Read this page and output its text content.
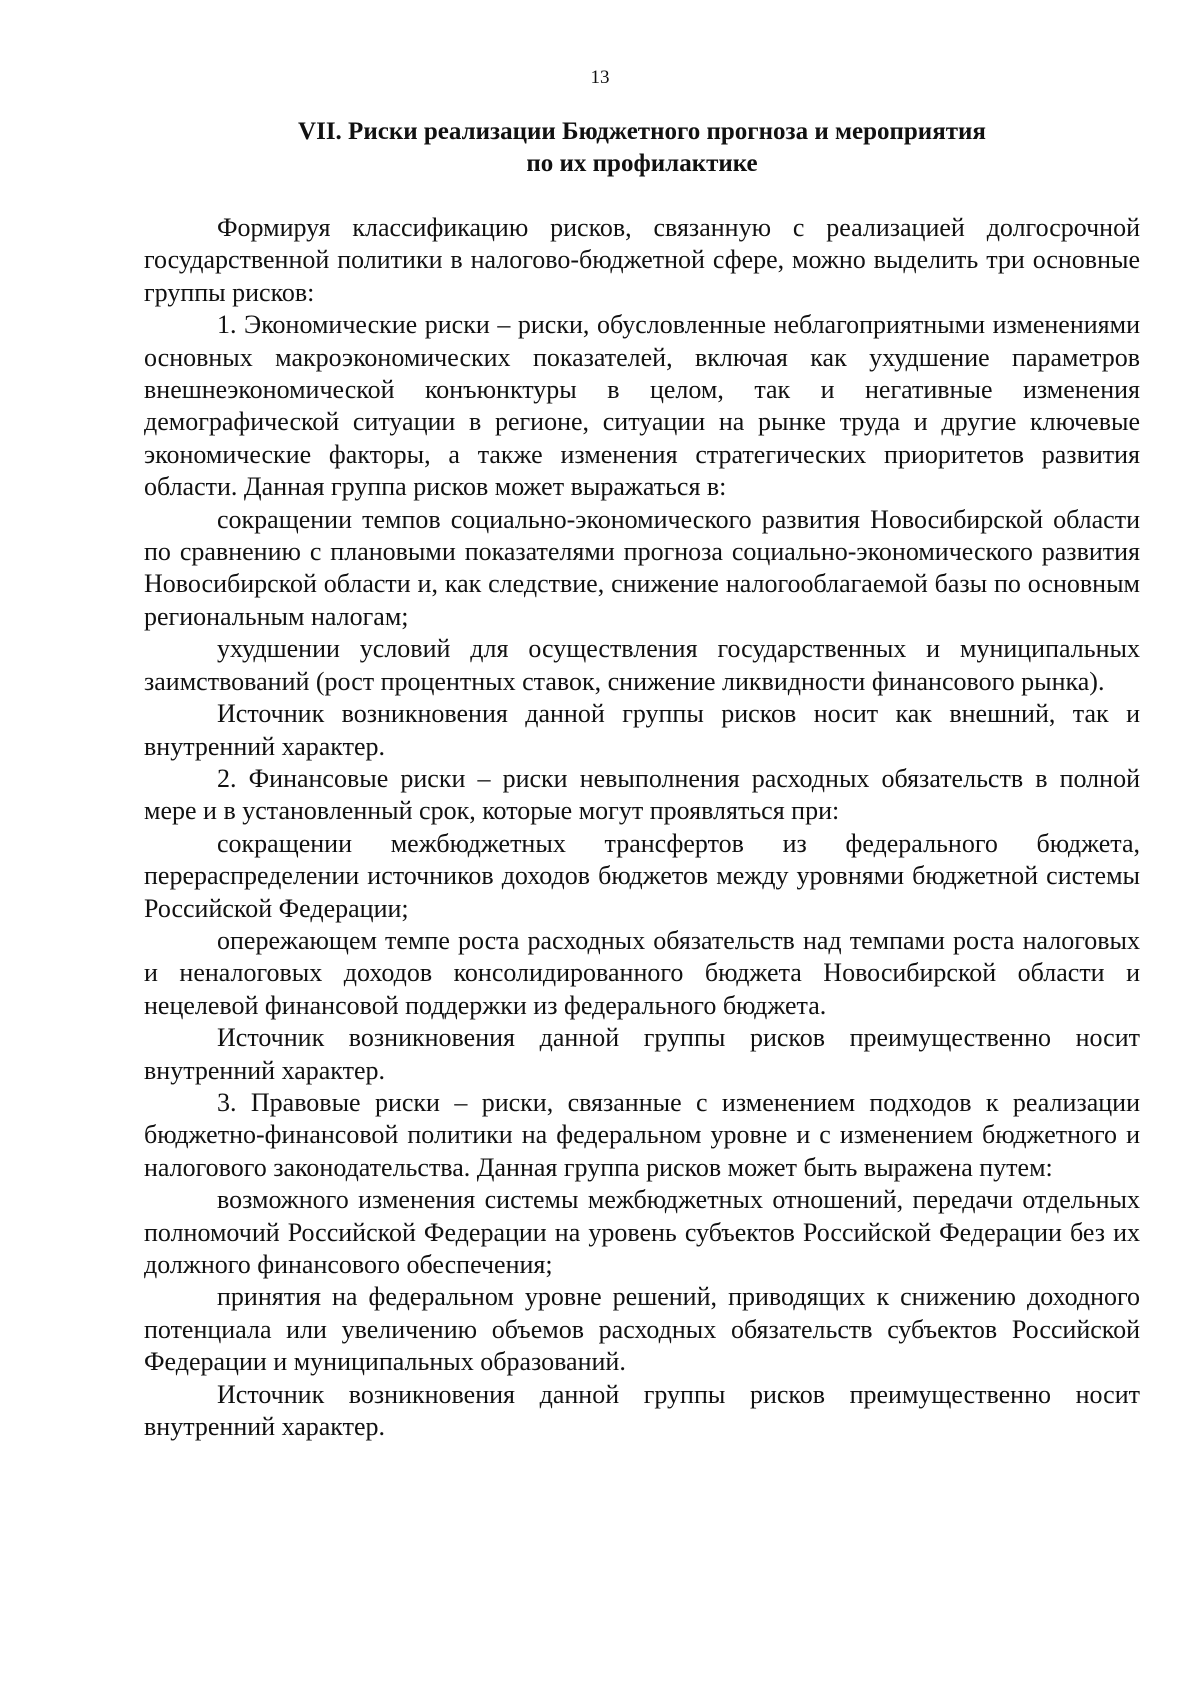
13
VII. Риски реализации Бюджетного прогноза и мероприятия
по их профилактике

Формируя классификацию рисков, связанную с реализацией долгосрочной государственной политики в налогово-бюджетной сфере, можно выделить три основные группы рисков:

1. Экономические риски – риски, обусловленные неблагоприятными изменениями основных макроэкономических показателей, включая как ухудшение параметров внешнеэкономической конъюнктуры в целом, так и негативные изменения демографической ситуации в регионе, ситуации на рынке труда и другие ключевые экономические факторы, а также изменения стратегических приоритетов развития области. Данная группа рисков может выражаться в:

сокращении темпов социально-экономического развития Новосибирской области по сравнению с плановыми показателями прогноза социально-экономического развития Новосибирской области и, как следствие, снижение налогооблагаемой базы по основным региональным налогам;

ухудшении условий для осуществления государственных и муниципальных заимствований (рост процентных ставок, снижение ликвидности финансового рынка).

Источник возникновения данной группы рисков носит как внешний, так и внутренний характер.

2. Финансовые риски – риски невыполнения расходных обязательств в полной мере и в установленный срок, которые могут проявляться при:

сокращении межбюджетных трансфертов из федерального бюджета, перераспределении источников доходов бюджетов между уровнями бюджетной системы Российской Федерации;

опережающем темпе роста расходных обязательств над темпами роста налоговых и неналоговых доходов консолидированного бюджета Новосибирской области и нецелевой финансовой поддержки из федерального бюджета.

Источник возникновения данной группы рисков преимущественно носит внутренний характер.

3. Правовые риски – риски, связанные с изменением подходов к реализации бюджетно-финансовой политики на федеральном уровне и с изменением бюджетного и налогового законодательства. Данная группа рисков может быть выражена путем:

возможного изменения системы межбюджетных отношений, передачи отдельных полномочий Российской Федерации на уровень субъектов Российской Федерации без их должного финансового обеспечения;

принятия на федеральном уровне решений, приводящих к снижению доходного потенциала или увеличению объемов расходных обязательств субъектов Российской Федерации и муниципальных образований.

Источник возникновения данной группы рисков преимущественно носит внутренний характер.
